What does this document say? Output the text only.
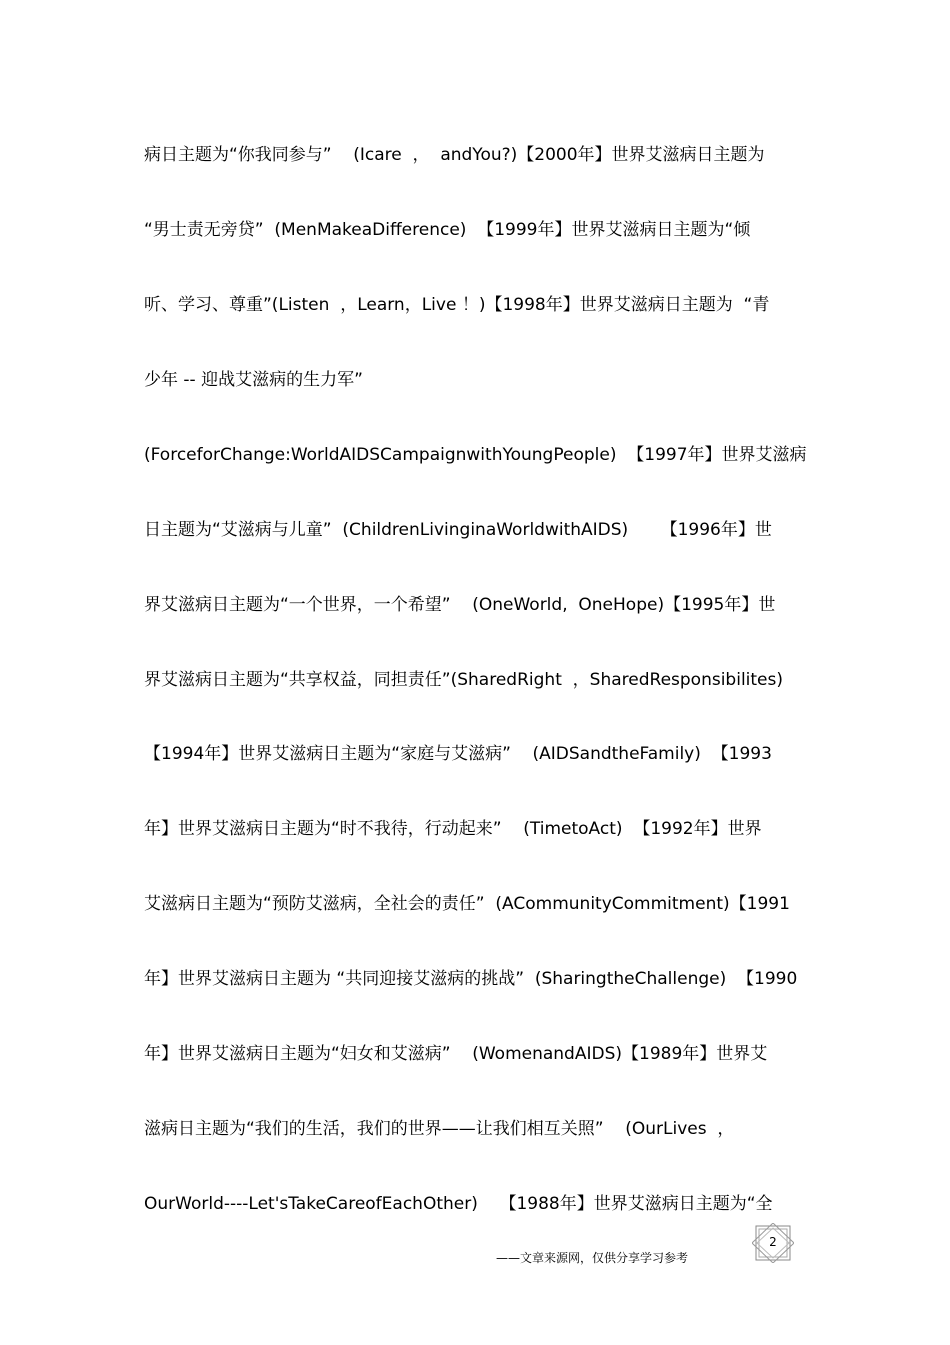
病日主题为“你我同参与”    (Icare  ，  andYou?)【2000年】世界艾滋病日主题为
“男士责无旁贷”  (MenMakeaDifference)  【1999年】世界艾滋病日主题为“倾
听、学习、尊重”(Listen  ，Learn，Live ！)【1998年】世界艾滋病日主题为  “青
少年 -- 迎战艾滋病的生力军”
(ForceforChange:WorldAIDSCampaignwithYoungPeople)  【1997年】世界艾滋病
日主题为“艾滋病与儿童”  (ChildrenLivinginaWorldwithAIDS)      【1996年】世
界艾滋病日主题为“一个世界，一个希望”    (OneWorld,  OneHope)【1995年】世
界艾滋病日主题为“共享权益，同担责任”(SharedRight  ，SharedResponsibilites)
【1994年】世界艾滋病日主题为“家庭与艾滋病”    (AIDSandtheFamily)  【1993
年】世界艾滋病日主题为“时不我待，行动起来”    (TimetoAct)  【1992年】世界
艾滋病日主题为“预防艾滋病，全社会的责任”  (ACommunityCommitment)【1991
年】世界艾滋病日主题为 “共同迎接艾滋病的挑战”  (SharingtheChallenge)  【1990
年】世界艾滋病日主题为“妇女和艾滋病”    (WomenandAIDS)【1989年】世界艾
滋病日主题为“我们的生活，我们的世界——让我们相互关照”    (OurLives  ，
OurWorld----Let'sTakeCareofEachOther)    【1988年】世界艾滋病日主题为“全
2
——文章来源网，仅供分享学习参考
